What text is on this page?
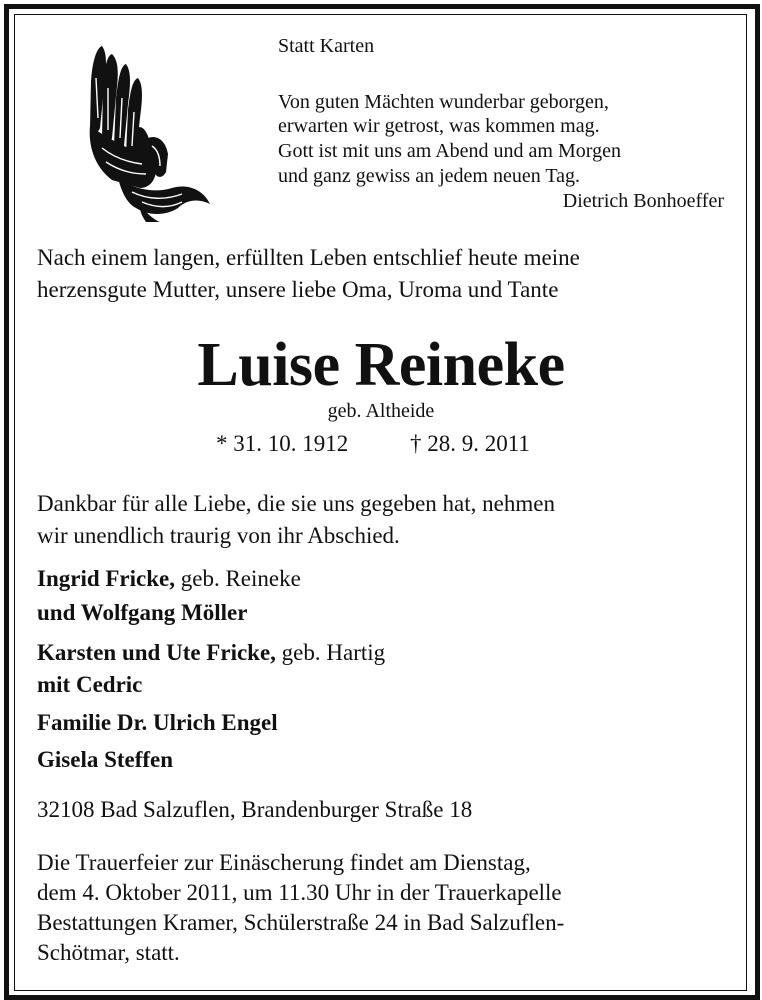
Statt Karten
Von guten Mächten wunderbar geborgen,
erwarten wir getrost, was kommen mag.
Gott ist mit uns am Abend und am Morgen
und ganz gewiss an jedem neuen Tag.
Dietrich Bonhoeffer
Nach einem langen, erfüllten Leben entschlief heute meine
herzensgute Mutter, unsere liebe Oma, Uroma und Tante
Luise Reineke
geb. Altheide
* 31. 10. 1912	† 28. 9. 2011
Dankbar für alle Liebe, die sie uns gegeben hat, nehmen
wir unendlich traurig von ihr Abschied.
Ingrid Fricke, geb. Reineke
und Wolfgang Möller
Karsten und Ute Fricke, geb. Hartig
mit Cedric
Familie Dr. Ulrich Engel
Gisela Steffen
32108 Bad Salzuflen, Brandenburger Straße 18
Die Trauerfeier zur Einäscherung findet am Dienstag,
dem 4. Oktober 2011, um 11.30 Uhr in der Trauerkapelle
Bestattungen Kramer, Schülerstraße 24 in Bad Salzuflen-
Schötmar, statt.
